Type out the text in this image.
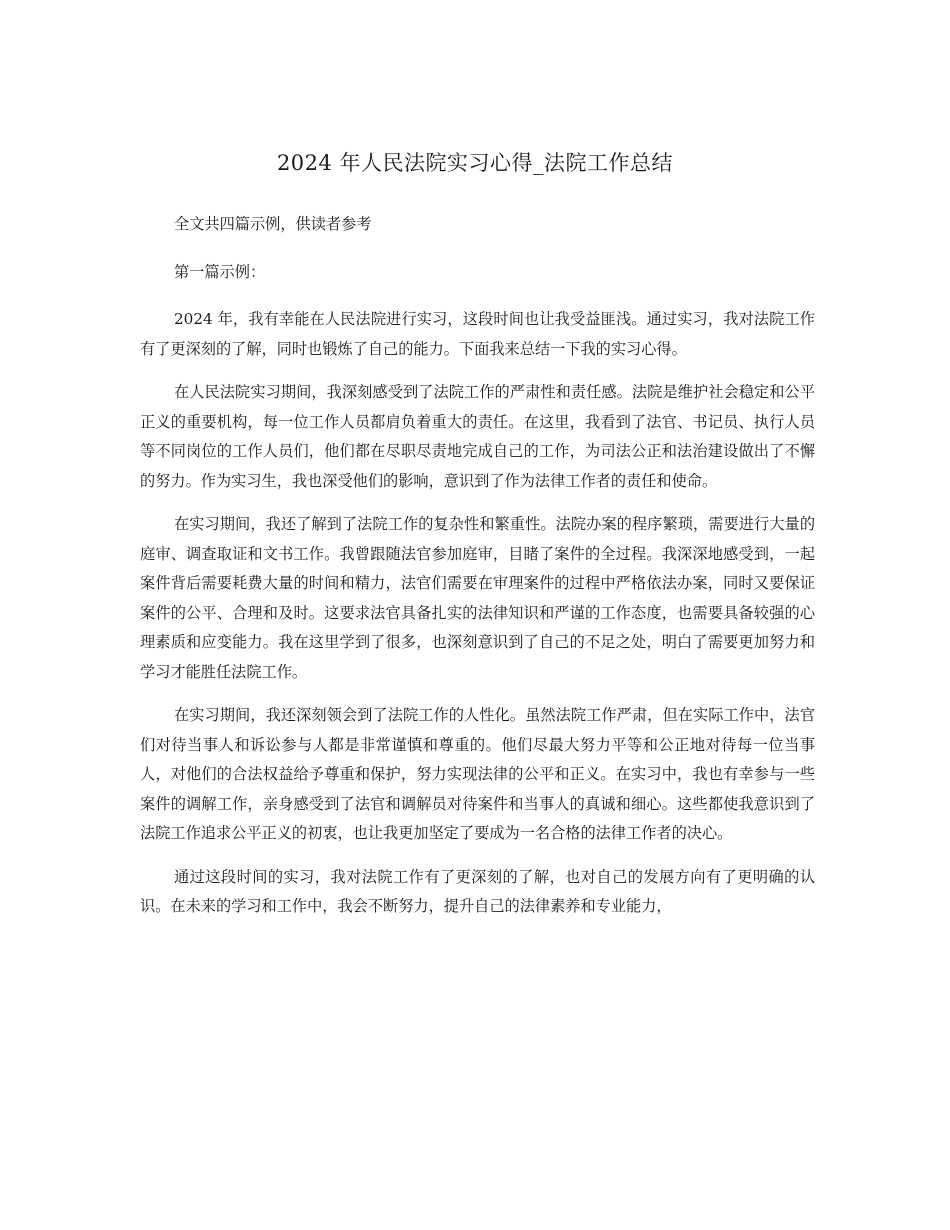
2024 年人民法院实习心得_法院工作总结

全文共四篇示例，供读者参考

第一篇示例：

2024 年，我有幸能在人民法院进行实习，这段时间也让我受益匪浅。通过实习，我对法院工作有了更深刻的了解，同时也锻炼了自己的能力。下面我来总结一下我的实习心得。

在人民法院实习期间，我深刻感受到了法院工作的严肃性和责任感。法院是维护社会稳定和公平正义的重要机构，每一位工作人员都肩负着重大的责任。在这里，我看到了法官、书记员、执行人员等不同岗位的工作人员们，他们都在尽职尽责地完成自己的工作，为司法公正和法治建设做出了不懈的努力。作为实习生，我也深受他们的影响，意识到了作为法律工作者的责任和使命。

在实习期间，我还了解到了法院工作的复杂性和繁重性。法院办案的程序繁琐，需要进行大量的庭审、调查取证和文书工作。我曾跟随法官参加庭审，目睹了案件的全过程。我深深地感受到，一起案件背后需要耗费大量的时间和精力，法官们需要在审理案件的过程中严格依法办案，同时又要保证案件的公平、合理和及时。这要求法官具备扎实的法律知识和严谨的工作态度，也需要具备较强的心理素质和应变能力。我在这里学到了很多，也深刻意识到了自己的不足之处，明白了需要更加努力和学习才能胜任法院工作。

在实习期间，我还深刻领会到了法院工作的人性化。虽然法院工作严肃，但在实际工作中，法官们对待当事人和诉讼参与人都是非常谨慎和尊重的。他们尽最大努力平等和公正地对待每一位当事人，对他们的合法权益给予尊重和保护，努力实现法律的公平和正义。在实习中，我也有幸参与一些案件的调解工作，亲身感受到了法官和调解员对待案件和当事人的真诚和细心。这些都使我意识到了法院工作追求公平正义的初衷，也让我更加坚定了要成为一名合格的法律工作者的决心。

通过这段时间的实习，我对法院工作有了更深刻的了解，也对自己的发展方向有了更明确的认识。在未来的学习和工作中，我会不断努力，提升自己的法律素养和专业能力，
